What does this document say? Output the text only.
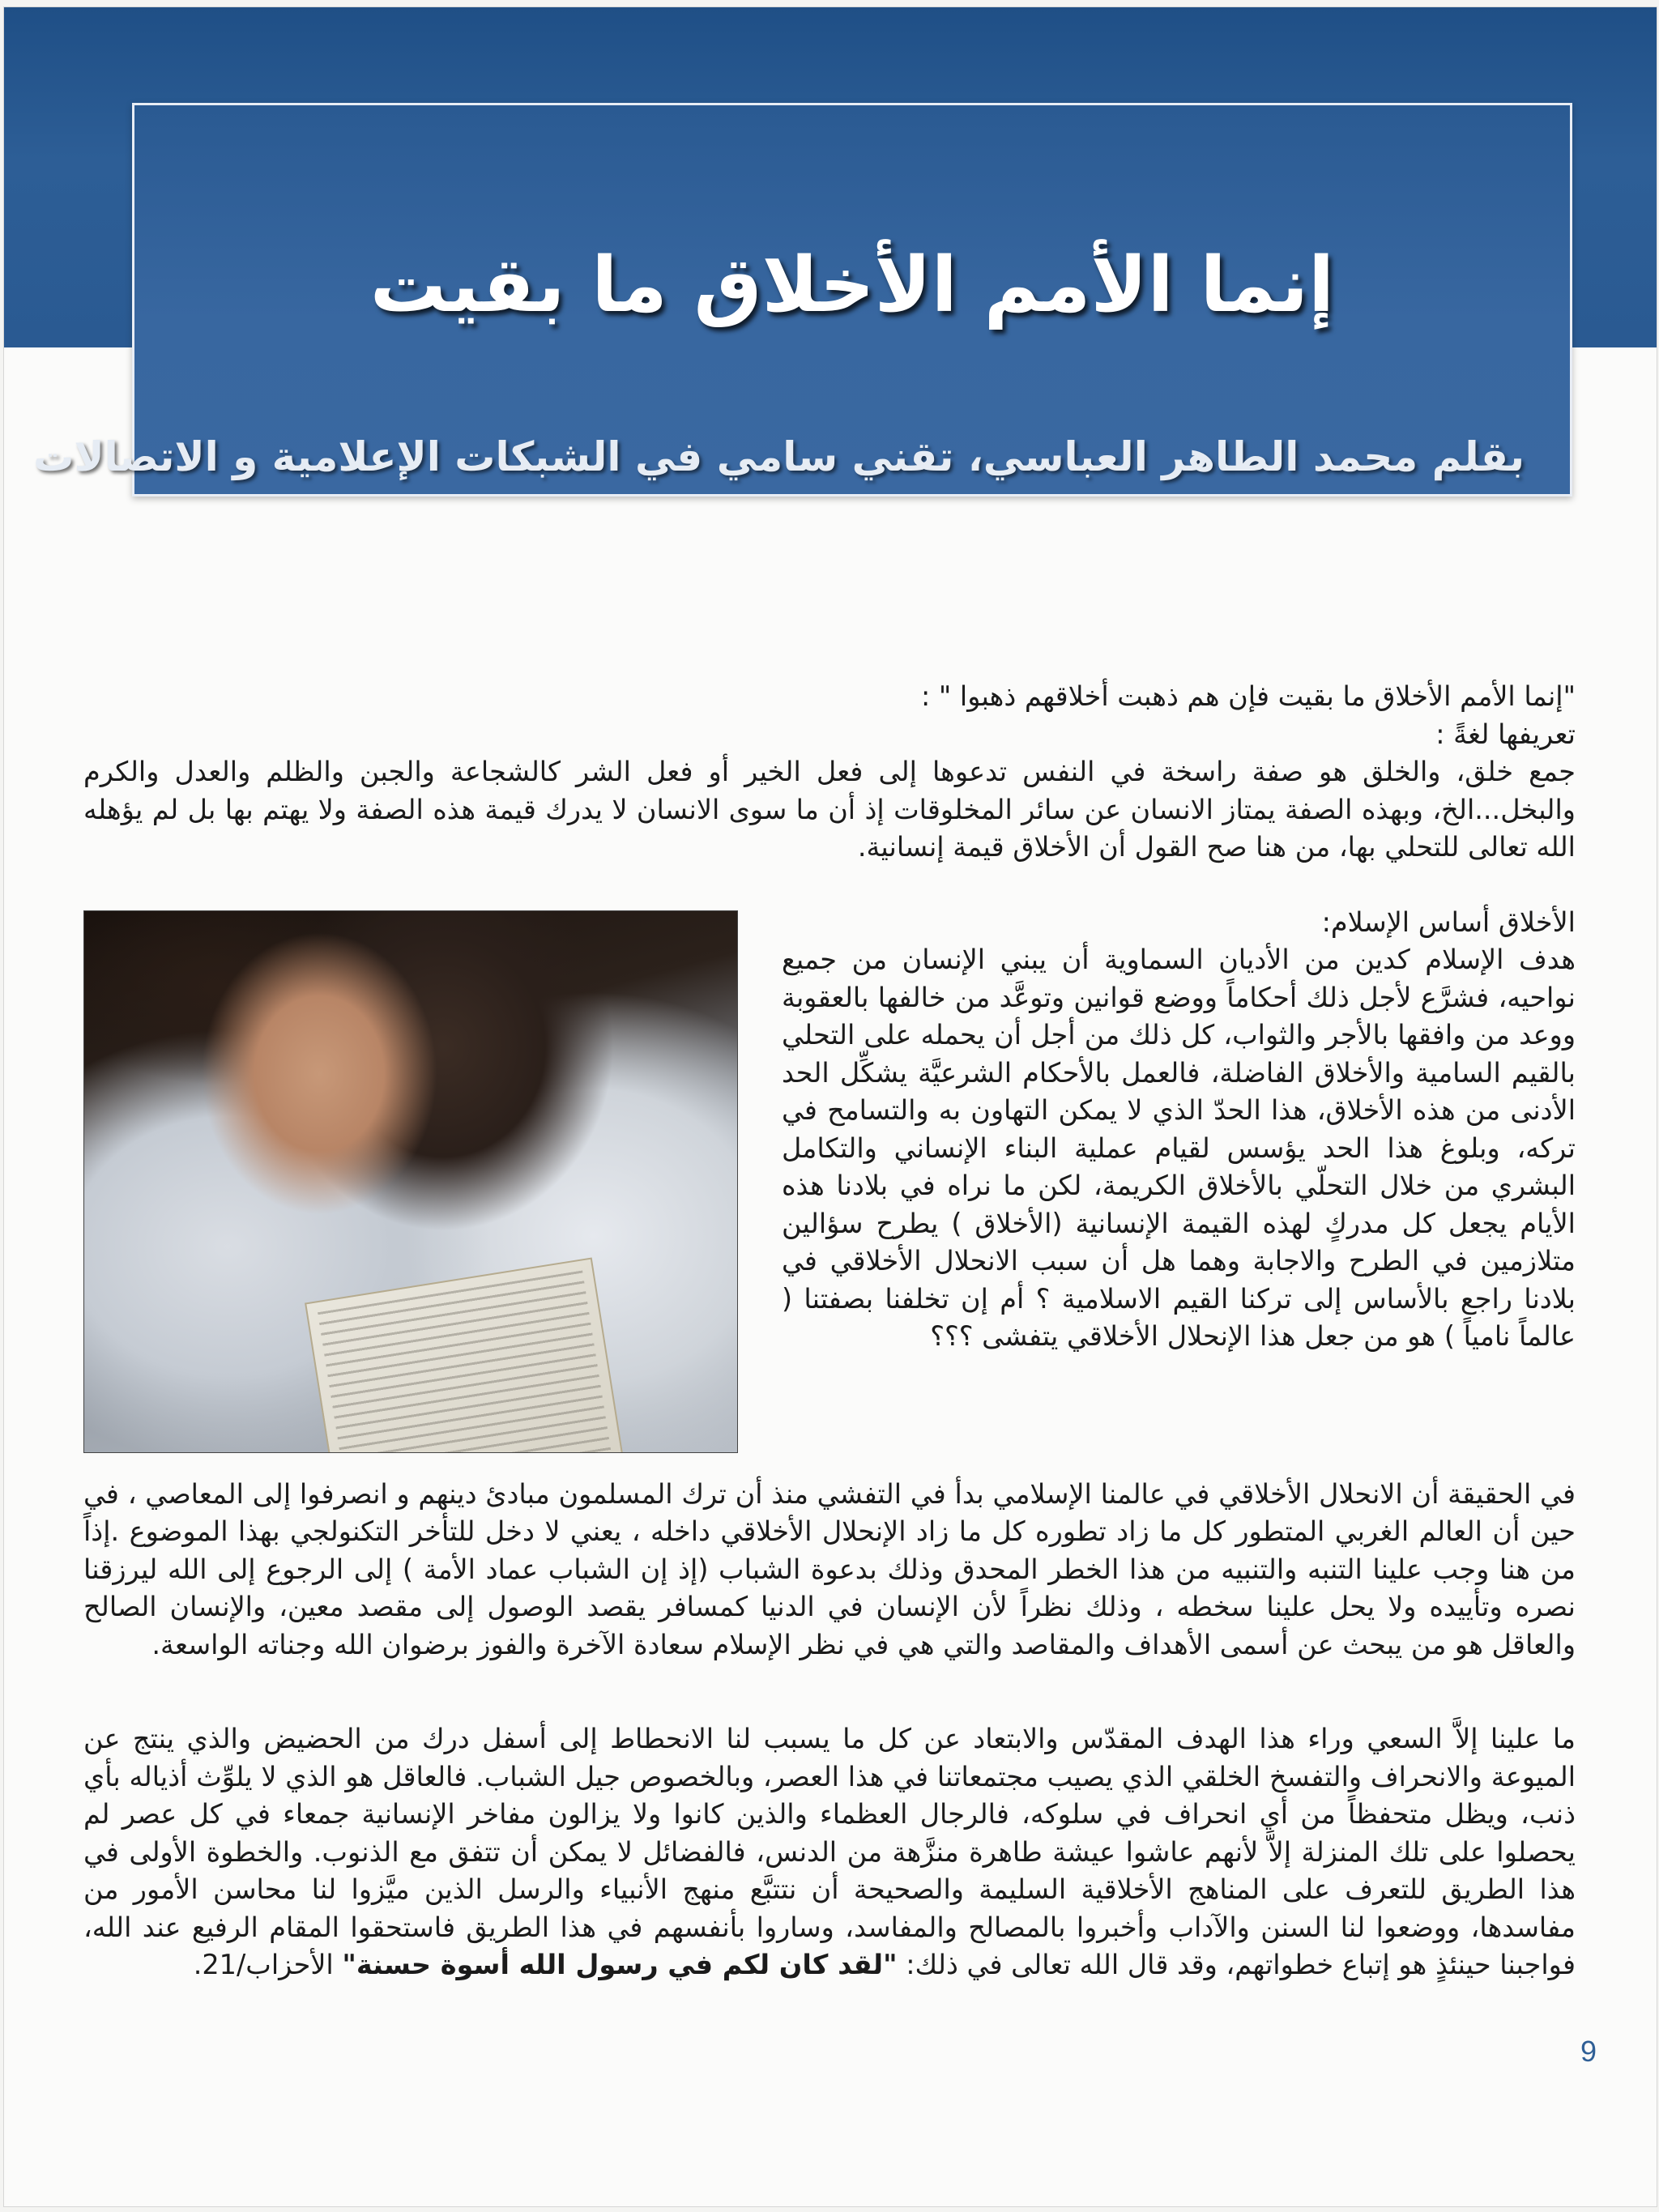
إنما الأمم الأخلاق ما بقيت

بقلم محمد الطاهر العباسي، تقني سامي في الشبكات الإعلامية و الاتصالات

"إنما الأمم الأخلاق ما بقيت فإن هم ذهبت أخلاقهم ذهبوا " :

تعريفها لغةً :

جمع خلق، والخلق هو صفة راسخة في النفس تدعوها إلى فعل الخير أو فعل الشر كالشجاعة والجبن والظلم والعدل والكرم والبخل...الخ، وبهذه الصفة يمتاز الانسان عن سائر المخلوقات إذ أن ما سوى الانسان لا يدرك قيمة هذه الصفة ولا يهتم بها بل لم يؤهله الله تعالى للتحلي بها، من هنا صح القول أن الأخلاق قيمة إنسانية.

الأخلاق أساس الإسلام:

هدف الإسلام كدين من الأديان السماوية أن يبني الإنسان من جميع نواحيه، فشرَّع لأجل ذلك أحكاماً ووضع قوانين وتوعَّد من خالفها بالعقوبة ووعد من وافقها بالأجر والثواب، كل ذلك من أجل أن يحمله على التحلي بالقيم السامية والأخلاق الفاضلة، فالعمل بالأحكام الشرعيَّة يشكِّل الحد الأدنى من هذه الأخلاق، هذا الحدّ الذي لا يمكن التهاون به والتسامح في تركه، وبلوغ هذا الحد يؤسس لقيام عملية البناء الإنساني والتكامل البشري من خلال التحلّي بالأخلاق الكريمة، لكن ما نراه في بلادنا هذه الأيام يجعل كل مدركٍ لهذه القيمة الإنسانية (الأخلاق ) يطرح سؤالين متلازمين في الطرح والاجابة وهما هل أن سبب الانحلال الأخلاقي في بلادنا راجع بالأساس إلى تركنا القيم الاسلامية ؟ أم إن تخلفنا بصفتنا ( عالماً نامياً ) هو من جعل هذا الإنحلال الأخلاقي يتفشى ؟؟؟

في الحقيقة أن الانحلال الأخلاقي في عالمنا الإسلامي بدأ في التفشي منذ أن ترك المسلمون مبادئ دينهم و انصرفوا إلى المعاصي ، في حين أن العالم الغربي المتطور كل ما زاد تطوره كل ما زاد الإنحلال الأخلاقي داخله ، يعني لا دخل للتأخر التكنولجي بهذا الموضوع .إذاً من هنا وجب علينا التنبه والتنبيه من هذا الخطر المحدق وذلك بدعوة الشباب (إذ إن الشباب عماد الأمة ) إلى الرجوع إلى الله ليرزقنا نصره وتأييده ولا يحل علينا سخطه ، وذلك نظراً لأن الإنسان في الدنيا كمسافر يقصد الوصول إلى مقصد معين، والإنسان الصالح والعاقل هو من يبحث عن أسمى الأهداف والمقاصد والتي هي في نظر الإسلام سعادة الآخرة والفوز برضوان الله وجناته الواسعة.

ما علينا إلاَّ السعي وراء هذا الهدف المقدّس والابتعاد عن كل ما يسبب لنا الانحطاط إلى أسفل درك من الحضيض والذي ينتج عن الميوعة والانحراف والتفسخ الخلقي الذي يصيب مجتمعاتنا في هذا العصر، وبالخصوص جيل الشباب. فالعاقل هو الذي لا يلوِّث أذياله بأي ذنب، ويظل متحفظاً من أي انحراف في سلوكه، فالرجال العظماء والذين كانوا ولا يزالون مفاخر الإنسانية جمعاء في كل عصر لم يحصلوا على تلك المنزلة إلاَّ لأنهم عاشوا عيشة طاهرة منزَّهة من الدنس، فالفضائل لا يمكن أن تتفق مع الذنوب. والخطوة الأولى في هذا الطريق للتعرف على المناهج الأخلاقية السليمة والصحيحة أن نتتبَّع منهج الأنبياء والرسل الذين ميَّزوا لنا محاسن الأمور من مفاسدها، ووضعوا لنا السنن والآداب وأخبروا بالمصالح والمفاسد، وساروا بأنفسهم في هذا الطريق فاستحقوا المقام الرفيع عند الله، فواجبنا حينئذٍ هو إتباع خطواتهم، وقد قال الله تعالى في ذلك: "لقد كان لكم في رسول الله أسوة حسنة" الأحزاب/21.

9
